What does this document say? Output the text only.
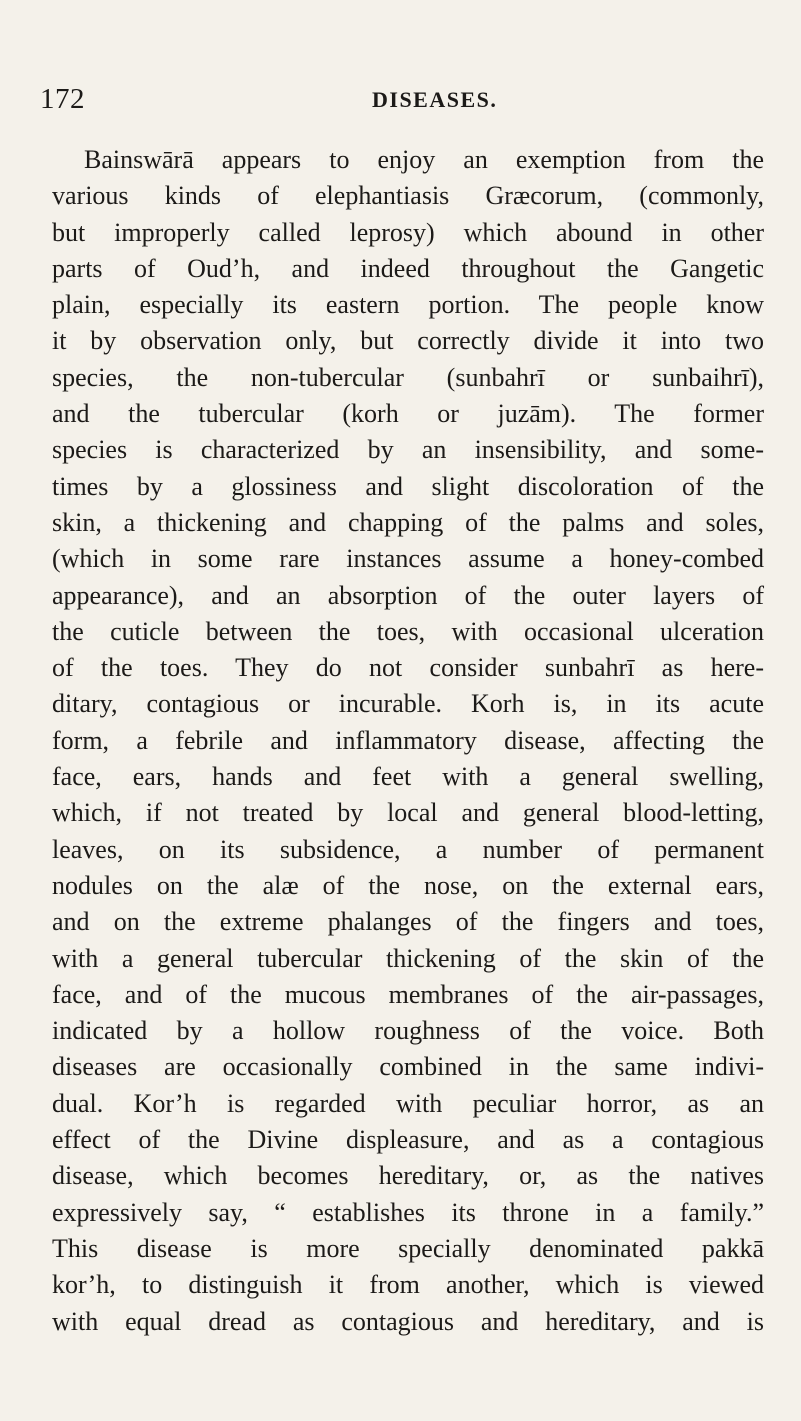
172	DISEASES.
Bainswārā appears to enjoy an exemption from the
various kinds of elephantiasis Græcorum, (commonly,
but improperly called leprosy) which abound in other
parts of Oud’h, and indeed throughout the Gangetic
plain, especially its eastern portion. The people know
it by observation only, but correctly divide it into two
species, the non-tubercular (sunbahrī or sunbaihrī),
and the tubercular (korh or juzām). The former
species is characterized by an insensibility, and some-
times by a glossiness and slight discoloration of the
skin, a thickening and chapping of the palms and soles,
(which in some rare instances assume a honey-combed
appearance), and an absorption of the outer layers of
the cuticle between the toes, with occasional ulceration
of the toes. They do not consider sunbahrī as here-
ditary, contagious or incurable. Korh is, in its acute
form, a febrile and inflammatory disease, affecting the
face, ears, hands and feet with a general swelling,
which, if not treated by local and general blood-letting,
leaves, on its subsidence, a number of permanent
nodules on the alæ of the nose, on the external ears,
and on the extreme phalanges of the fingers and toes,
with a general tubercular thickening of the skin of the
face, and of the mucous membranes of the air-passages,
indicated by a hollow roughness of the voice. Both
diseases are occasionally combined in the same indivi-
dual. Kor’h is regarded with peculiar horror, as an
effect of the Divine displeasure, and as a contagious
disease, which becomes hereditary, or, as the natives
expressively say, “ establishes its throne in a family.”
This disease is more specially denominated pakkā
kor’h, to distinguish it from another, which is viewed
with equal dread as contagious and hereditary, and is
